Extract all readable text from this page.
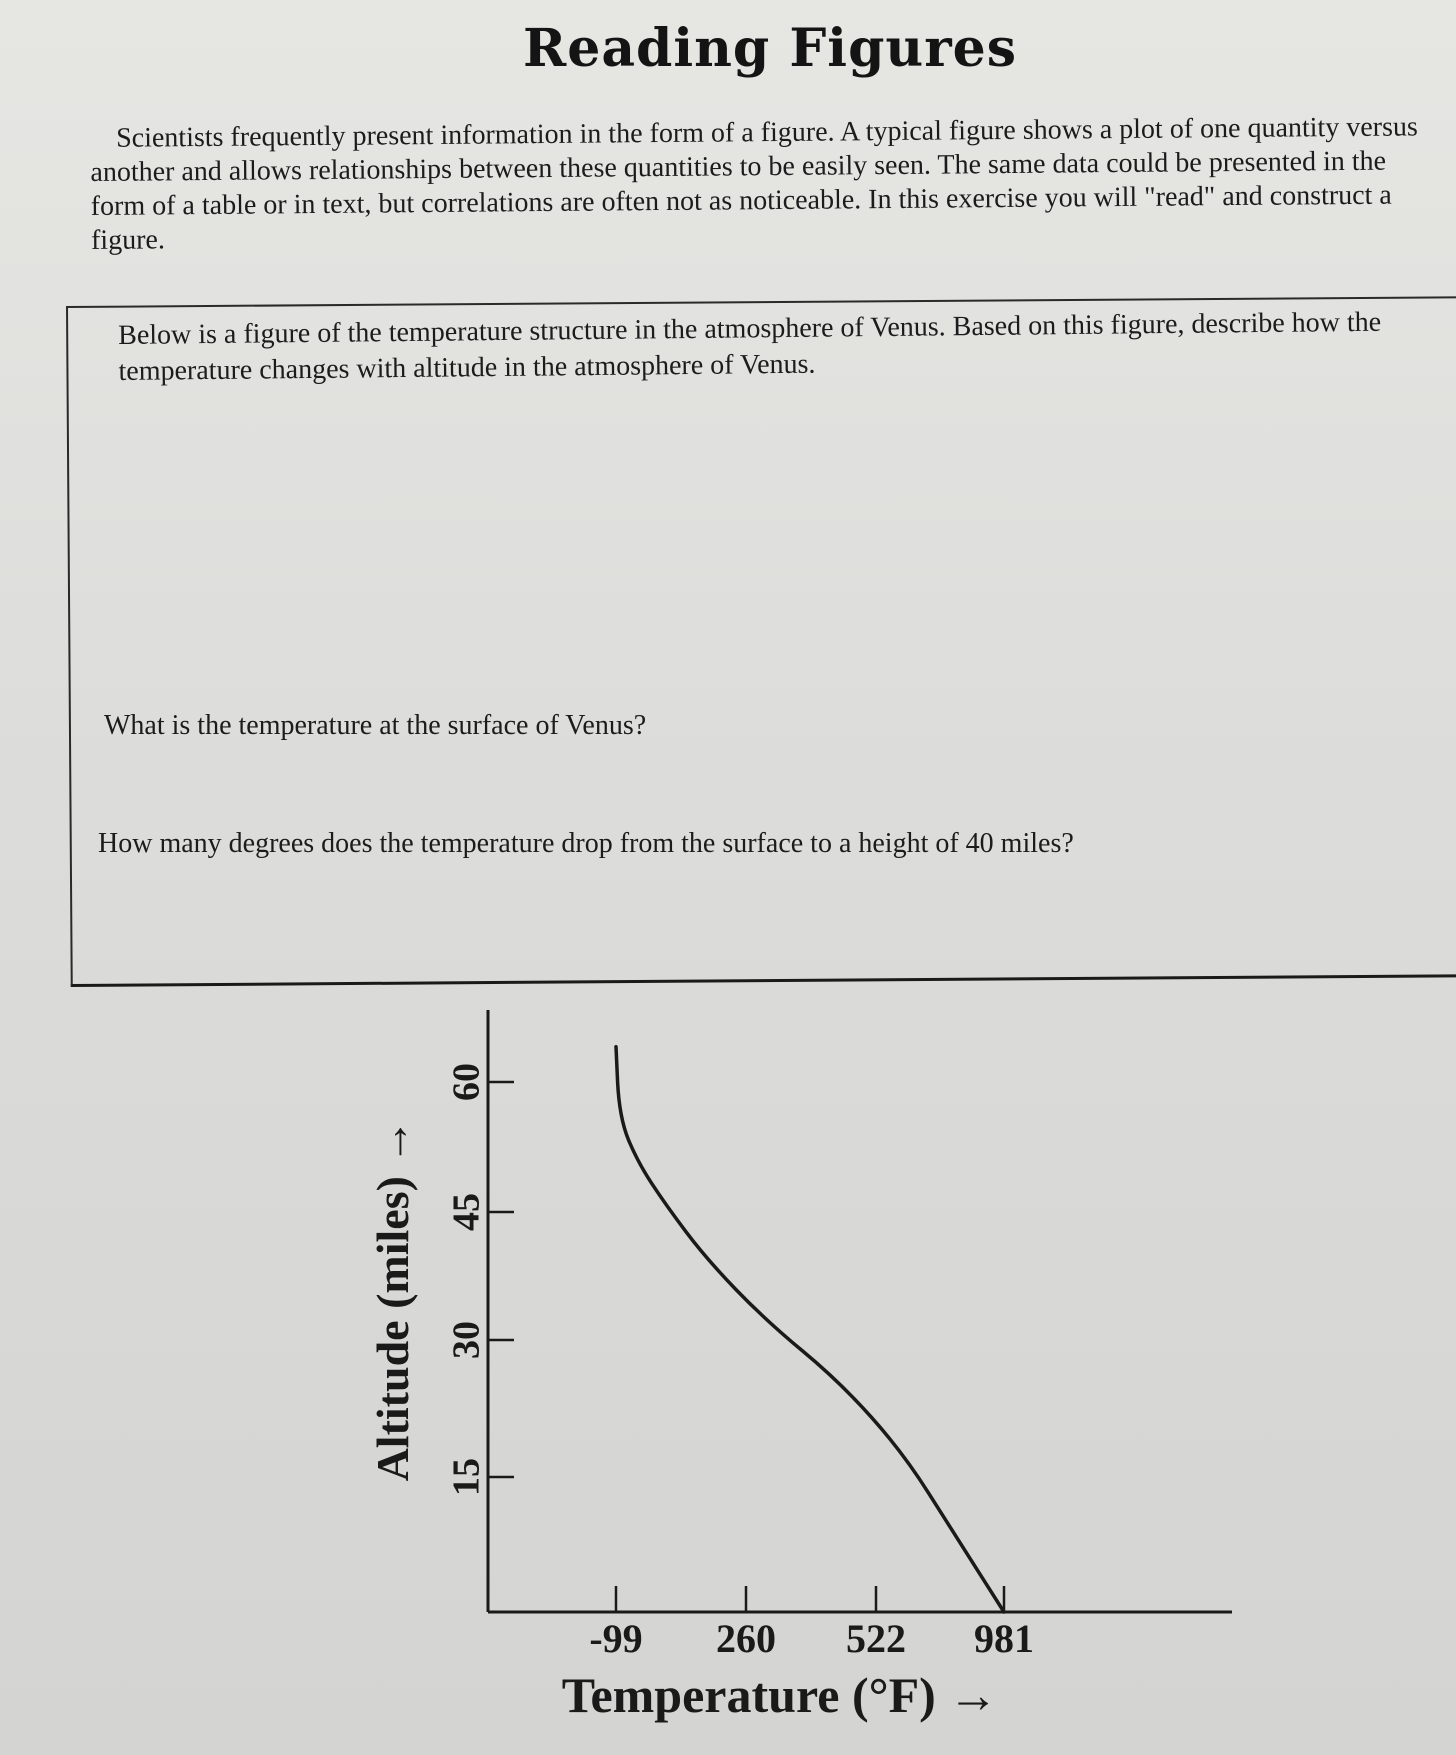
Reading Figures
Scientists frequently present information in the form of a figure. A typical figure shows a plot of one quantity versus another and allows relationships between these quantities to be easily seen. The same data could be presented in the form of a table or in text, but correlations are often not as noticeable. In this exercise you will "read" and construct a figure.
Below is a figure of the temperature structure in the atmosphere of Venus. Based on this figure, describe how the temperature changes with altitude in the atmosphere of Venus.
What is the temperature at the surface of Venus?
How many degrees does the temperature drop from the surface to a height of 40 miles?
15
30
45
60
-99 260 522 981
Temperature (°F) →
Altitude (miles) →
